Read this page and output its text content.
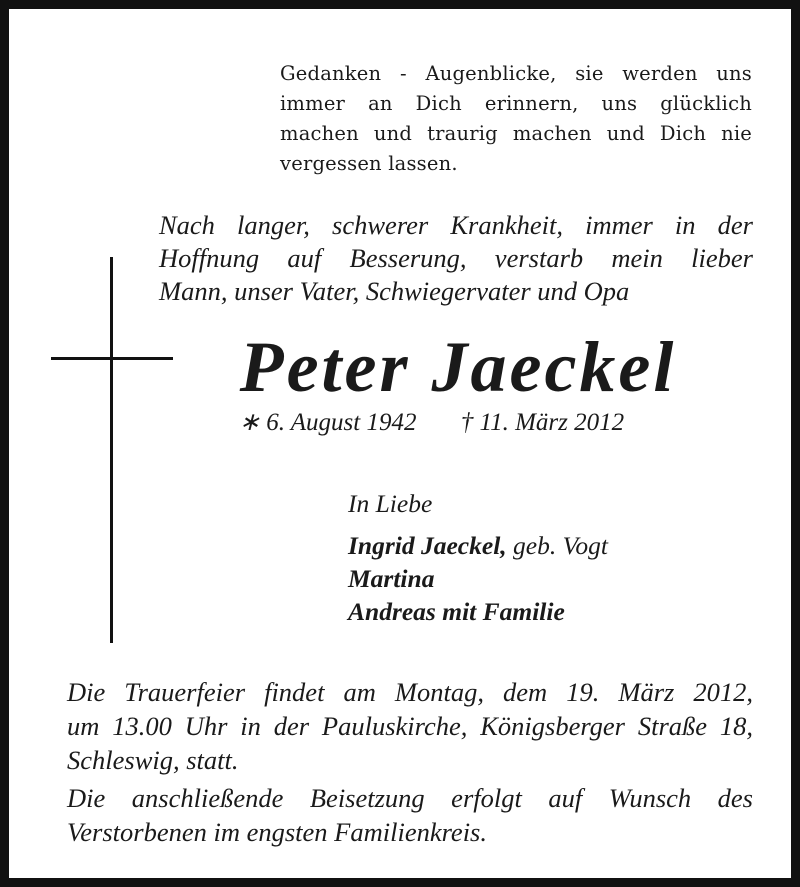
Gedanken - Augenblicke, sie werden uns
immer an Dich erinnern, uns glücklich
machen und traurig machen und Dich nie
vergessen lassen.
Nach langer, schwerer Krankheit, immer in der
Hoffnung auf Besserung, verstarb mein lieber
Mann, unser Vater, Schwiegervater und Opa
Peter Jaeckel
∗ 6. August 1942 † 11. März 2012
In Liebe
Ingrid Jaeckel, geb. Vogt
Martina
Andreas mit Familie
Die Trauerfeier findet am Montag, dem 19. März 2012,
um 13.00 Uhr in der Pauluskirche, Königsberger Straße 18,
Schleswig, statt.
Die anschließende Beisetzung erfolgt auf Wunsch des
Verstorbenen im engsten Familienkreis.
